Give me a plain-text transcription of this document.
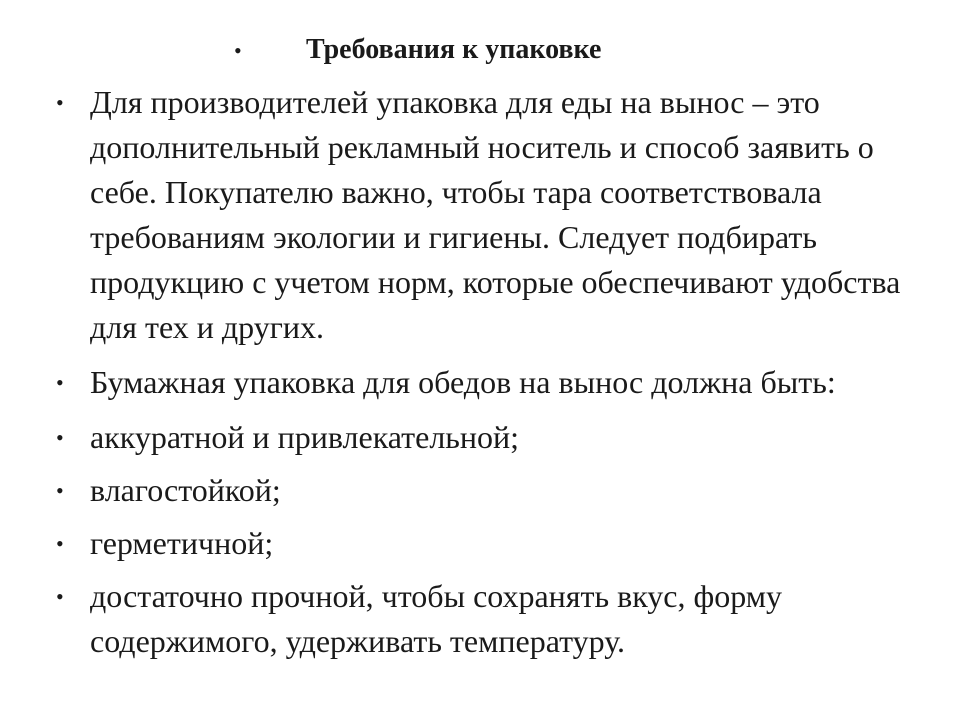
•	Требования к упаковке
• Для производителей упаковка для еды на вынос – это дополнительный рекламный носитель и способ заявить о себе. Покупателю важно, чтобы тара соответствовала требованиям экологии и гигиены. Следует подбирать продукцию с учетом норм, которые обеспечивают удобства для тех и других.
• Бумажная упаковка для обедов на вынос должна быть:
• аккуратной и привлекательной;
• влагостойкой;
• герметичной;
• достаточно прочной, чтобы сохранять вкус, форму содержимого, удерживать температуру.
